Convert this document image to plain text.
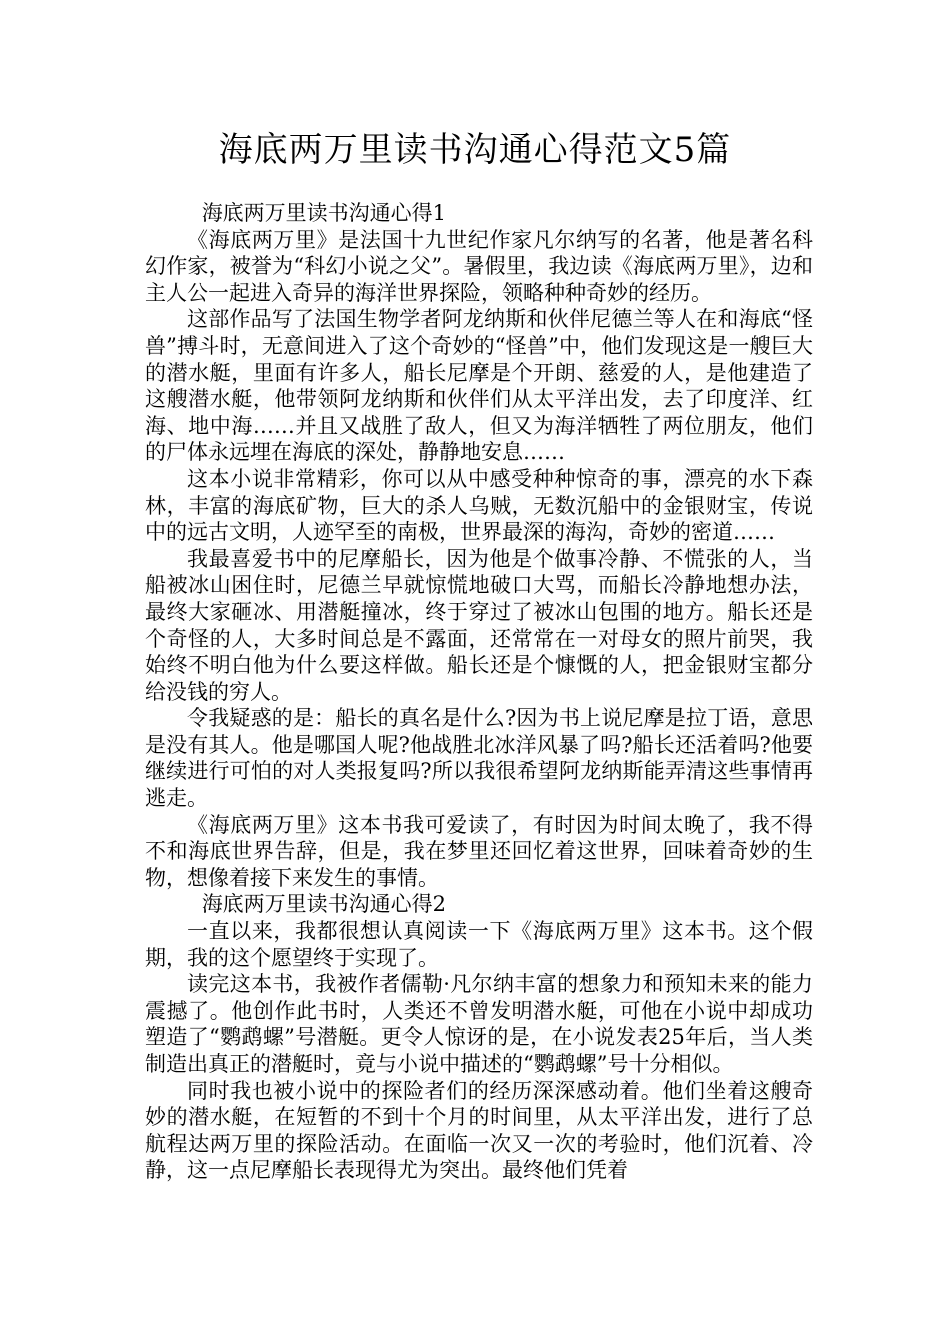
海底两万里读书沟通心得范文5篇

海底两万里读书沟通心得1

《海底两万里》是法国十九世纪作家凡尔纳写的名著，他是著名科幻作家，被誉为“科幻小说之父”。暑假里，我边读《海底两万里》，边和主人公一起进入奇异的海洋世界探险，领略种种奇妙的经历。

这部作品写了法国生物学者阿龙纳斯和伙伴尼德兰等人在和海底“怪兽”搏斗时，无意间进入了这个奇妙的“怪兽”中，他们发现这是一艘巨大的潜水艇，里面有许多人，船长尼摩是个开朗、慈爱的人，是他建造了这艘潜水艇，他带领阿龙纳斯和伙伴们从太平洋出发，去了印度洋、红海、地中海……并且又战胜了敌人，但又为海洋牺牲了两位朋友，他们的尸体永远埋在海底的深处，静静地安息……

这本小说非常精彩，你可以从中感受种种惊奇的事，漂亮的水下森林，丰富的海底矿物，巨大的杀人乌贼，无数沉船中的金银财宝，传说中的远古文明，人迹罕至的南极，世界最深的海沟，奇妙的密道……

我最喜爱书中的尼摩船长，因为他是个做事冷静、不慌张的人，当船被冰山困住时，尼德兰早就惊慌地破口大骂，而船长冷静地想办法，最终大家砸冰、用潜艇撞冰，终于穿过了被冰山包围的地方。船长还是个奇怪的人，大多时间总是不露面，还常常在一对母女的照片前哭，我始终不明白他为什么要这样做。船长还是个慷慨的人，把金银财宝都分给没钱的穷人。

令我疑惑的是：船长的真名是什么?因为书上说尼摩是拉丁语，意思是没有其人。他是哪国人呢?他战胜北冰洋风暴了吗?船长还活着吗?他要继续进行可怕的对人类报复吗?所以我很希望阿龙纳斯能弄清这些事情再逃走。

《海底两万里》这本书我可爱读了，有时因为时间太晚了，我不得不和海底世界告辞，但是，我在梦里还回忆着这世界，回味着奇妙的生物，想像着接下来发生的事情。

海底两万里读书沟通心得2

一直以来，我都很想认真阅读一下《海底两万里》这本书。这个假期，我的这个愿望终于实现了。

读完这本书，我被作者儒勒·凡尔纳丰富的想象力和预知未来的能力震撼了。他创作此书时，人类还不曾发明潜水艇，可他在小说中却成功塑造了“鹦鹉螺”号潜艇。更令人惊讶的是，在小说发表25年后，当人类制造出真正的潜艇时，竟与小说中描述的“鹦鹉螺”号十分相似。

同时我也被小说中的探险者们的经历深深感动着。他们坐着这艘奇妙的潜水艇，在短暂的不到十个月的时间里，从太平洋出发，进行了总航程达两万里的探险活动。在面临一次又一次的考验时，他们沉着、冷静，这一点尼摩船长表现得尤为突出。最终他们凭着
